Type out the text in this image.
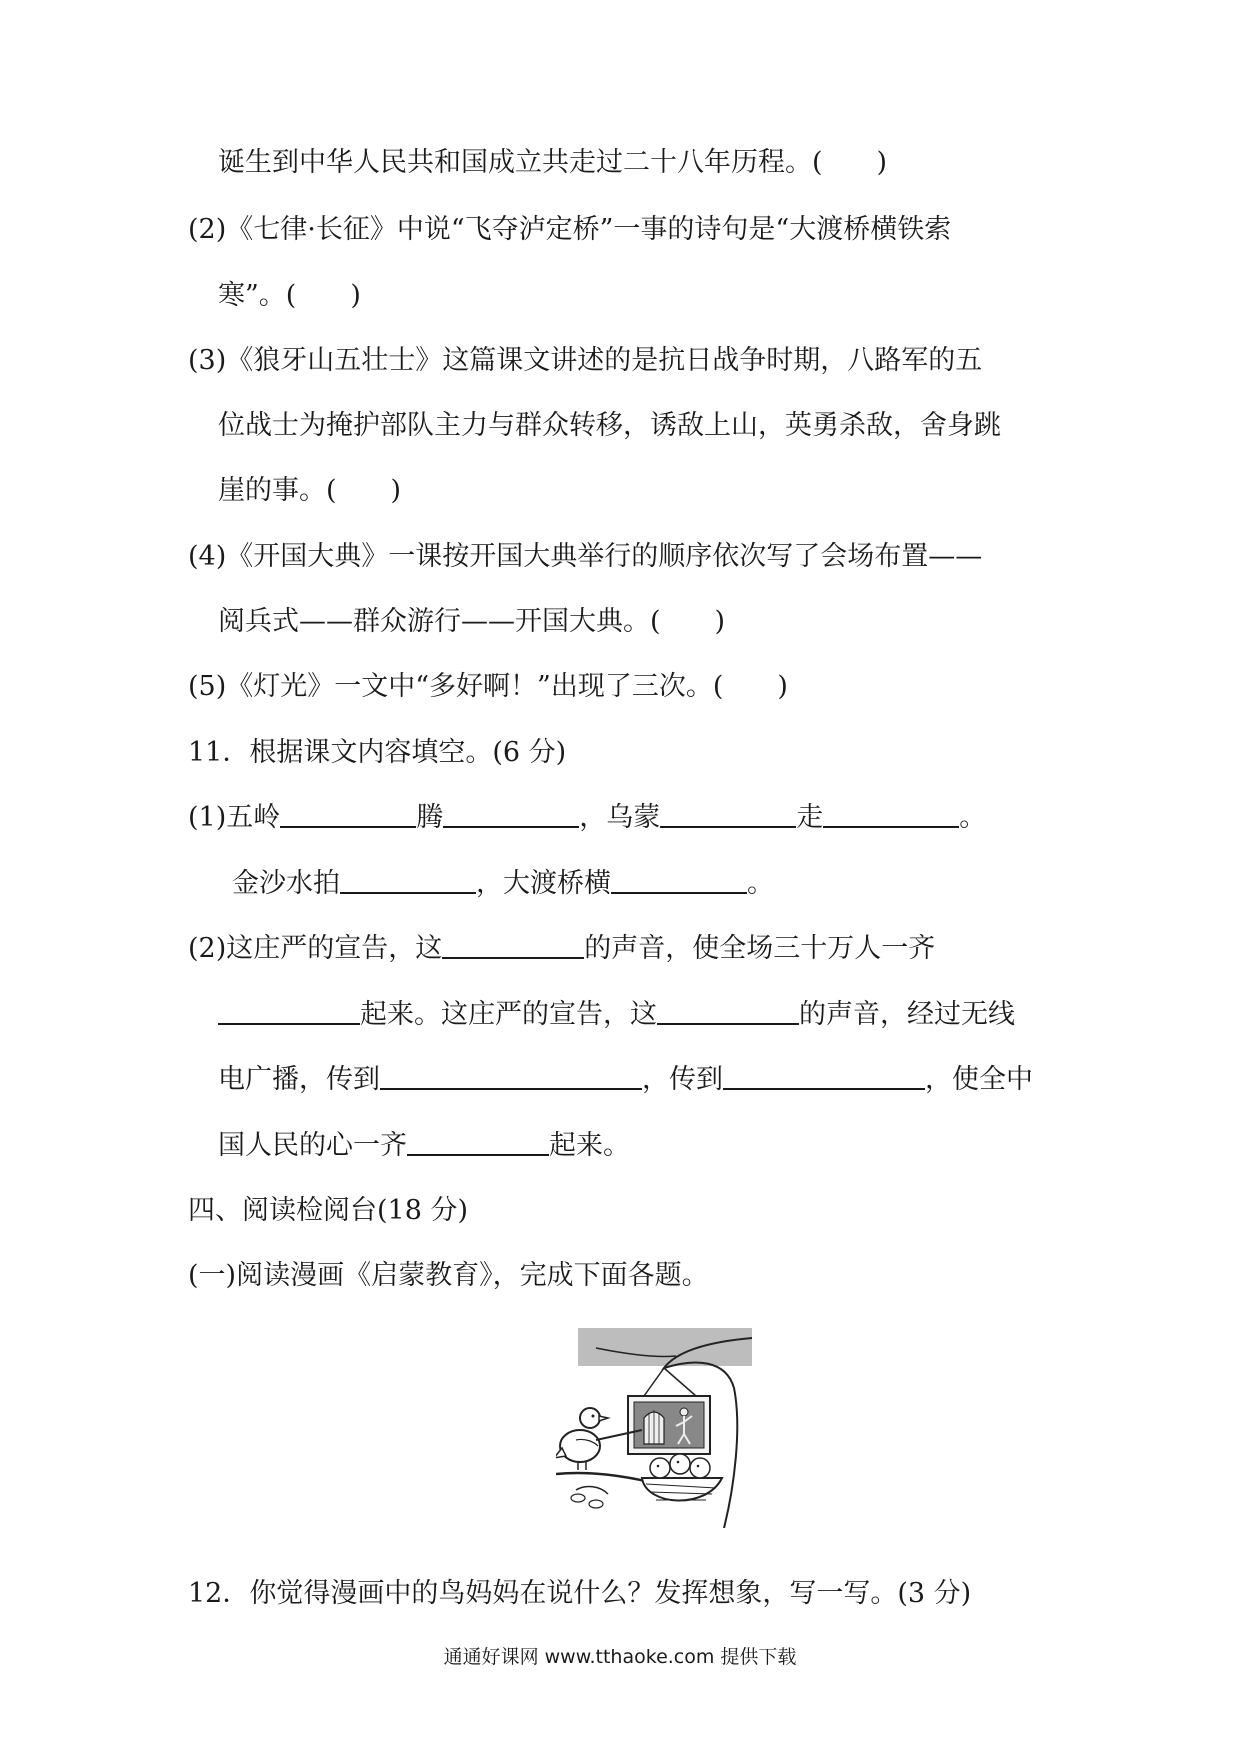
诞生到中华人民共和国成立共走过二十八年历程。(　　)
(2)《七律·长征》中说“飞夺泸定桥”一事的诗句是“大渡桥横铁索
寒”。(　　)
(3)《狼牙山五壮士》这篇课文讲述的是抗日战争时期，八路军的五
位战士为掩护部队主力与群众转移，诱敌上山，英勇杀敌，舍身跳
崖的事。(　　)
(4)《开国大典》一课按开国大典举行的顺序依次写了会场布置——
阅兵式——群众游行——开国大典。(　　)
(5)《灯光》一文中“多好啊！”出现了三次。(　　)
11．根据课文内容填空。(6 分)
(1)五岭	腾	，乌蒙	走	。
金沙水拍	，大渡桥横	。
(2)这庄严的宣告，这	的声音，使全场三十万人一齐
起来。这庄严的宣告，这	的声音，经过无线
电广播，传到	，传到	，使全中
国人民的心一齐	起来。
四、阅读检阅台(18 分)
(一)阅读漫画《启蒙教育》，完成下面各题。
12．你觉得漫画中的鸟妈妈在说什么？发挥想象，写一写。(3 分)
通通好课网 www.tthaoke.com 提供下载
